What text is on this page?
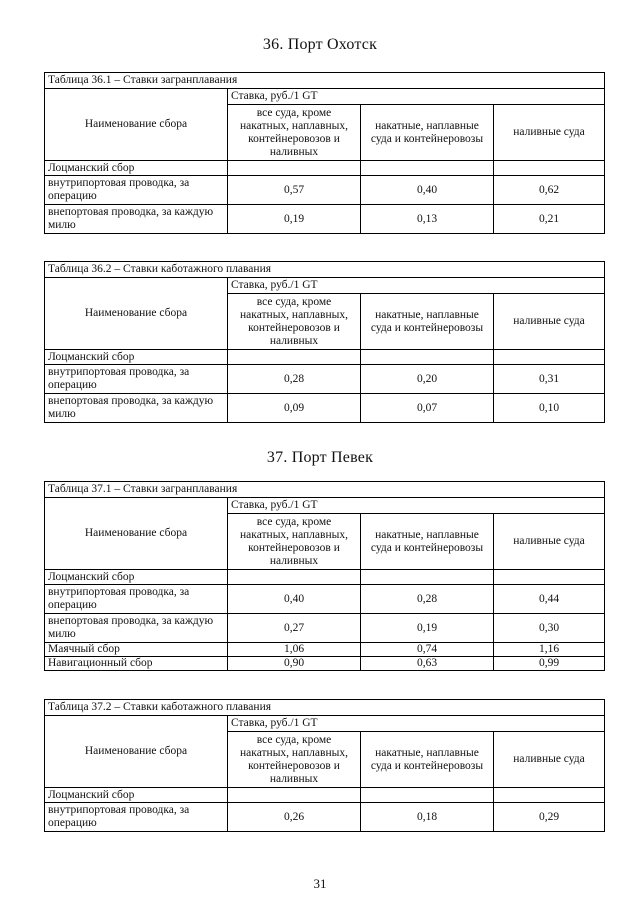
36. Порт Охотск
Таблица 36.1 – Ставки загранплавания			
Наименование сбора	Ставка, руб./1 GT		
	все суда, кроме накатных, наплавных, контейнеровозов и наливных	накатные, наплавные суда и контейнеровозы	наливные суда
Лоцманский сбор			
внутрипортовая проводка, за операцию	0,57	0,40	0,62
внепортовая проводка, за каждую милю	0,19	0,13	0,21
Таблица 36.2 – Ставки каботажного плавания			
Наименование сбора	Ставка, руб./1 GT		
	все суда, кроме накатных, наплавных, контейнеровозов и наливных	накатные, наплавные суда и контейнеровозы	наливные суда
Лоцманский сбор			
внутрипортовая проводка, за операцию	0,28	0,20	0,31
внепортовая проводка, за каждую милю	0,09	0,07	0,10
37. Порт Певек
Таблица 37.1 – Ставки загранплавания			
Наименование сбора	Ставка, руб./1 GT		
	все суда, кроме накатных, наплавных, контейнеровозов и наливных	накатные, наплавные суда и контейнеровозы	наливные суда
Лоцманский сбор			
внутрипортовая проводка, за операцию	0,40	0,28	0,44
внепортовая проводка, за каждую милю	0,27	0,19	0,30
Маячный сбор	1,06	0,74	1,16
Навигационный сбор	0,90	0,63	0,99
Таблица 37.2 – Ставки каботажного плавания			
Наименование сбора	Ставка, руб./1 GT		
	все суда, кроме накатных, наплавных, контейнеровозов и наливных	накатные, наплавные суда и контейнеровозы	наливные суда
Лоцманский сбор			
внутрипортовая проводка, за операцию	0,26	0,18	0,29
31
